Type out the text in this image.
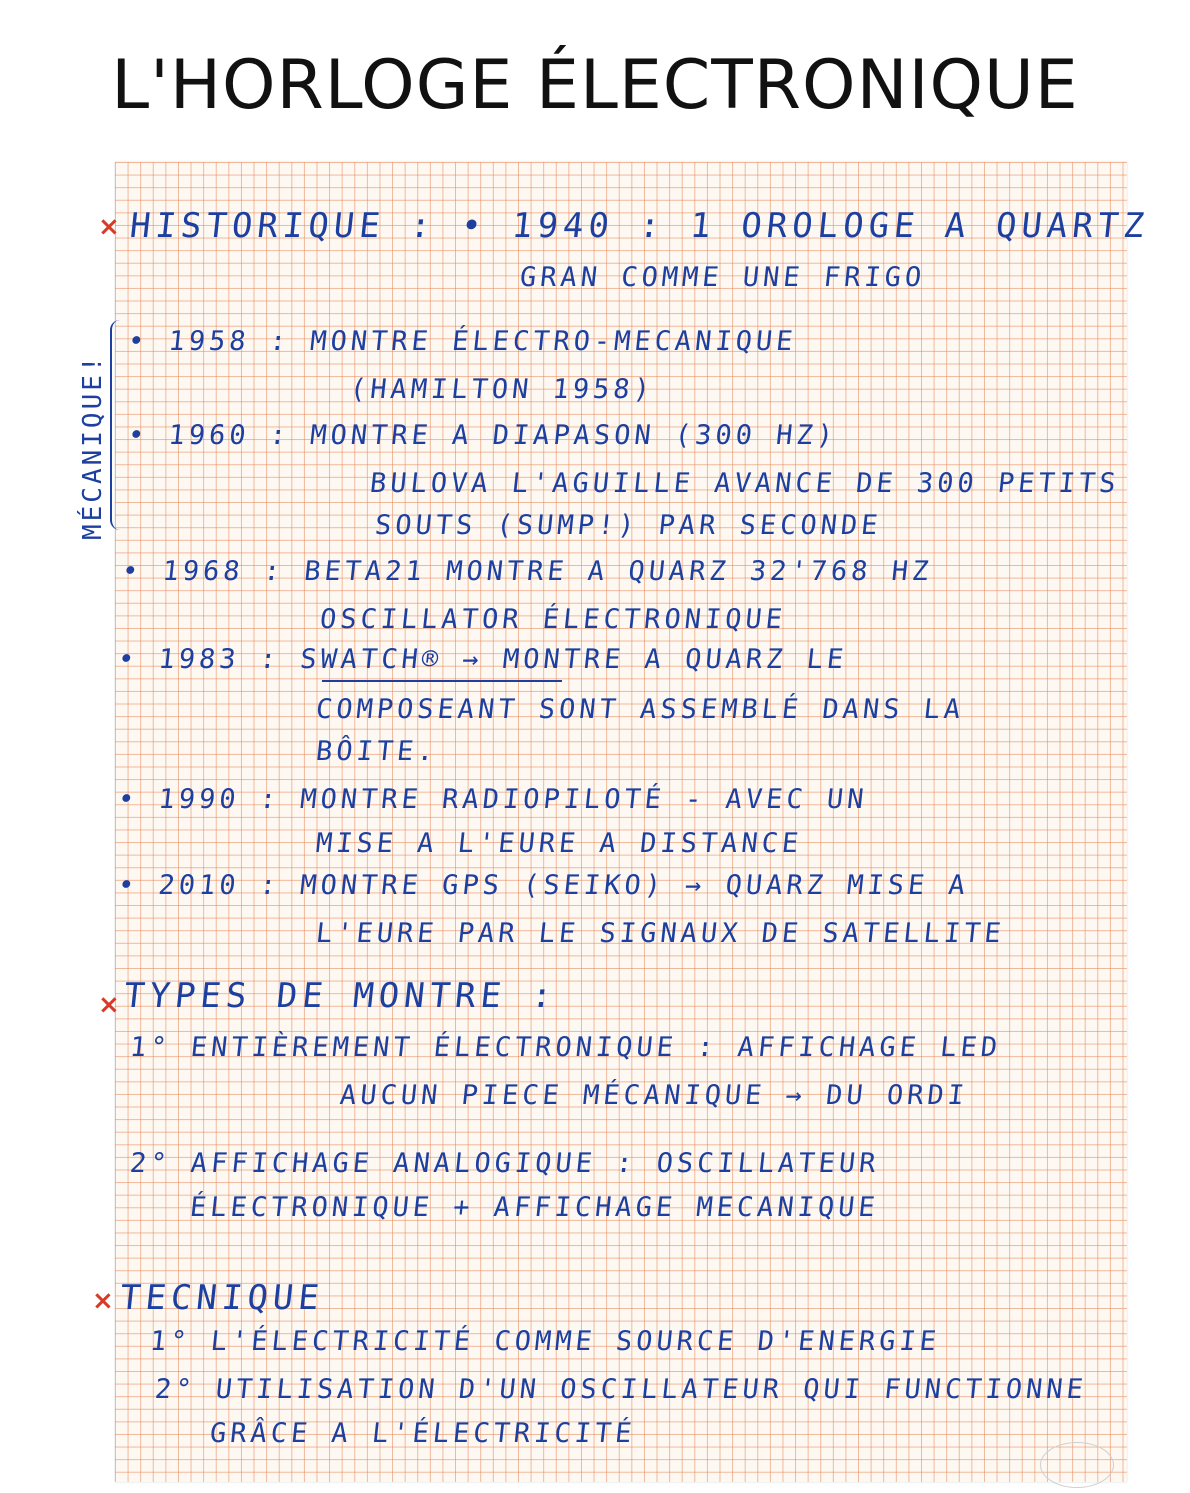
L'HORLOGE ÉLECTRONIQUE
MÉCANIQUE!
×
×
×
HISTORIQUE : • 1940 : 1 OROLOGE A QUARTZ
GRAN COMME UNE FRIGO
• 1958 : MONTRE ÉLECTRO-MECANIQUE
(HAMILTON 1958)
• 1960 : MONTRE A DIAPASON (300 HZ)
BULOVA L'AGUILLE AVANCE DE 300 PETITS
SOUTS (SUMP!) PAR SECONDE
• 1968 : BETA21 MONTRE A QUARZ 32'768 HZ
OSCILLATOR ÉLECTRONIQUE
• 1983 : SWATCH® → MONTRE A QUARZ LE
COMPOSEANT SONT ASSEMBLÉ DANS LA
BÔITE.
• 1990 : MONTRE RADIOPILOTÉ - AVEC UN
MISE A L'EURE A DISTANCE
• 2010 : MONTRE GPS (SEIKO) → QUARZ MISE A
L'EURE PAR LE SIGNAUX DE SATELLITE
TYPES DE MONTRE :
1° ENTIÈREMENT ÉLECTRONIQUE : AFFICHAGE LED
AUCUN PIECE MÉCANIQUE → DU ORDI
2° AFFICHAGE ANALOGIQUE : OSCILLATEUR
ÉLECTRONIQUE + AFFICHAGE MECANIQUE
TECNIQUE
1° L'ÉLECTRICITÉ COMME SOURCE D'ENERGIE
2° UTILISATION D'UN OSCILLATEUR QUI FUNCTIONNE
GRÂCE A L'ÉLECTRICITÉ
